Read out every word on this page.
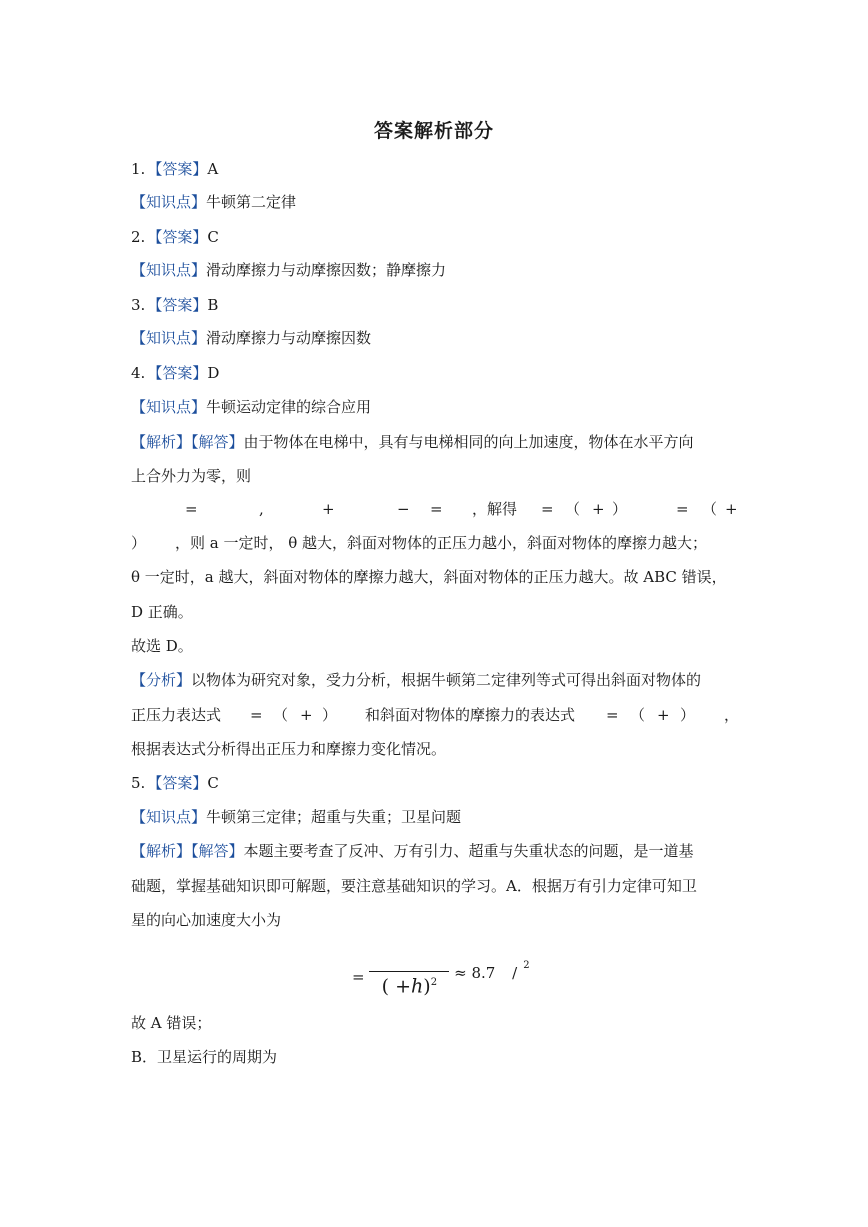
答案解析部分
1. 【答案】A
【知识点】牛顿第二定律
2. 【答案】C
【知识点】滑动摩擦力与动摩擦因数；静摩擦力
3. 【答案】B
【知识点】滑动摩擦力与动摩擦因数
4. 【答案】D
【知识点】牛顿运动定律的综合应用
【解析】【解答】由于物体在电梯中，具有与电梯相同的向上加速度，物体在水平方向
上合外力为零，则
=	,	+	− = ，解得 = （ + ）	= （ +
） ，则 a 一定时， θ 越大，斜面对物体的正压力越小，斜面对物体的摩擦力越大；
θ 一定时，a 越大，斜面对物体的摩擦力越大，斜面对物体的正压力越大。故 ABC 错误，
D 正确。
故选 D。
【分析】以物体为研究对象，受力分析，根据牛顿第二定律列等式可得出斜面对物体的
正压力表达式 = （ + ） 和斜面对物体的摩擦力的表达式 = （ + ） ，
根据表达式分析得出正压力和摩擦力变化情况。
5. 【答案】C
【知识点】牛顿第三定律；超重与失重；卫星问题
【解析】【解答】本题主要考查了反冲、万有引力、超重与失重状态的问题，是一道基
础题，掌握基础知识即可解题，要注意基础知识的学习。A．根据万有引力定律可知卫
星的向心加速度大小为
= ( +ℎ)$^2$
≈ 8.7 / $^2$
故 A 错误；
B．卫星运行的周期为
